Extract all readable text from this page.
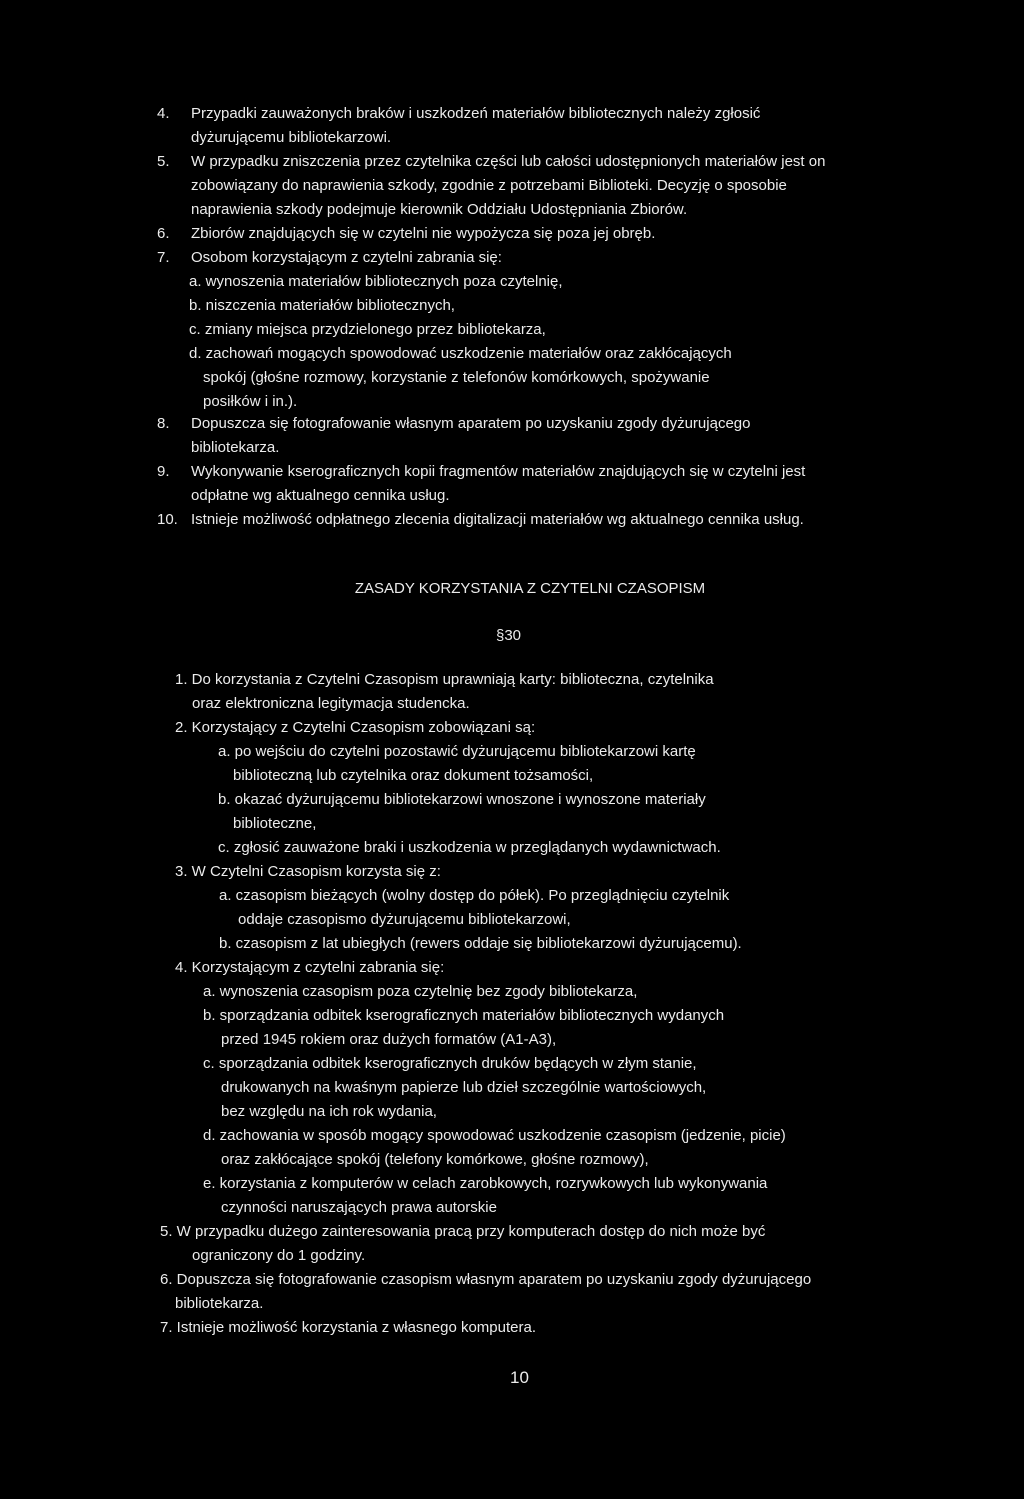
4. Przypadki zauważonych braków i uszkodzeń materiałów bibliotecznych należy zgłosić
dyżurującemu bibliotekarzowi.
5. W przypadku zniszczenia przez czytelnika części lub całości udostępnionych materiałów jest on
zobowiązany do naprawienia szkody, zgodnie z potrzebami Biblioteki. Decyzję o sposobie
naprawienia szkody podejmuje kierownik Oddziału Udostępniania Zbiorów.
6. Zbiorów znajdujących się w czytelni nie wypożycza się poza jej obręb.
7. Osobom korzystającym z czytelni zabrania się:
a. wynoszenia materiałów bibliotecznych poza czytelnię,
b. niszczenia materiałów bibliotecznych,
c. zmiany miejsca przydzielonego przez bibliotekarza,
d. zachowań mogących spowodować uszkodzenie materiałów oraz zakłócających
spokój (głośne rozmowy, korzystanie z telefonów komórkowych, spożywanie
posiłków i in.).
8. Dopuszcza się fotografowanie własnym aparatem po uzyskaniu zgody dyżurującego
bibliotekarza.
9. Wykonywanie kserograficznych kopii fragmentów materiałów znajdujących się w czytelni jest
odpłatne wg aktualnego cennika usług.
10. Istnieje możliwość odpłatnego zlecenia digitalizacji materiałów wg aktualnego cennika usług.
ZASADY KORZYSTANIA Z CZYTELNI CZASOPISM
§30
1. Do korzystania z Czytelni Czasopism uprawniają karty: biblioteczna, czytelnika
oraz elektroniczna legitymacja studencka.
2. Korzystający z Czytelni Czasopism zobowiązani są:
a. po wejściu do czytelni pozostawić dyżurującemu bibliotekarzowi kartę
biblioteczną lub czytelnika oraz dokument tożsamości,
b. okazać dyżurującemu bibliotekarzowi wnoszone i wynoszone materiały
biblioteczne,
c. zgłosić zauważone braki i uszkodzenia w przeglądanych wydawnictwach.
3. W Czytelni Czasopism korzysta się z:
a. czasopism bieżących (wolny dostęp do półek). Po przeglądnięciu czytelnik
oddaje czasopismo dyżurującemu bibliotekarzowi,
b. czasopism z lat ubiegłych (rewers oddaje się bibliotekarzowi dyżurującemu).
4. Korzystającym z czytelni zabrania się:
a. wynoszenia czasopism poza czytelnię bez zgody bibliotekarza,
b. sporządzania odbitek kserograficznych materiałów bibliotecznych wydanych
przed 1945 rokiem oraz dużych formatów (A1-A3),
c. sporządzania odbitek kserograficznych druków będących w złym stanie,
drukowanych na kwaśnym papierze lub dzieł szczególnie wartościowych,
bez względu na ich rok wydania,
d. zachowania w sposób mogący spowodować uszkodzenie czasopism (jedzenie, picie)
oraz zakłócające spokój (telefony komórkowe, głośne rozmowy),
e. korzystania z komputerów w celach zarobkowych, rozrywkowych lub wykonywania
czynności naruszających prawa autorskie
5. W przypadku dużego zainteresowania pracą przy komputerach dostęp do nich może być
ograniczony do 1 godziny.
6. Dopuszcza się fotografowanie czasopism własnym aparatem po uzyskaniu zgody dyżurującego
bibliotekarza.
7. Istnieje możliwość korzystania z własnego komputera.
10
